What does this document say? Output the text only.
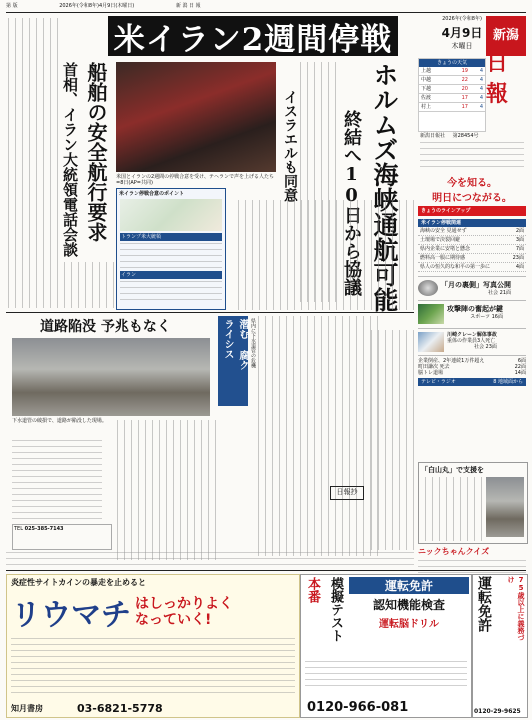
第 版	2026年(令和8年)4月9日(木曜日)	新 潟 日 報
新潟
日報
2026年(令和8年)
4月9日
木曜日
きょうの天気
上越	19	4
中越	22	4
下越	20	4
佐渡	17	4
村上	17	4
新潟日報社 第28454号
今を知る。
明日につながる。
きょうのラインアップ
米イラン停戦関連
海峡の安全 見通せず	2面
土壇場で決裂回避	3面
県内企業に安堵と懸念	7面
燃料高一服に期待感	23面
県人の恒久的な和平の第一歩に	4面
「月の裏側」写真公開
社会 21面
攻撃陣の奮起が鍵
スポーツ 16面
川崎クレーン解体事故
重体の作業員3人死亡
社会 23面
企業倒産、2年連続1万件超え	6面
町田謙次 死去	22面
脳トレ道場	14面
テレビ・ラジオ	8 地域面から
「白山丸」で支援を
米イラン2週間停戦
船舶の安全航行要求
首相、イラン大統領電話会談	米国とイランの2週間の停戦合意を受け、テヘランで声を上げる人たち=8日(AP=共同)	ホルムズ海峡通航可能
終結へ10日から協議
イスラエルも同意
米イラン停戦合意のポイント
トランプ米大統領
イラン
道路陥没 予兆もなく
下水道管の破損で、道路が陥没した現場。
潜む 腐クライシス	県内に下水道管の危機
日報抄
TEL 025-385-7143
ニックちゃんクイズ
炎症性サイトカインの暴走を止めると
リウマチ はしっかりよくなっていく!
知月書房	03-6821-5778
本番 模擬テスト	運転免許
認知機能検査
運転脳ドリル
0120-966-081
75歳以上に義務づけ
運転免許
0120-29-9625
